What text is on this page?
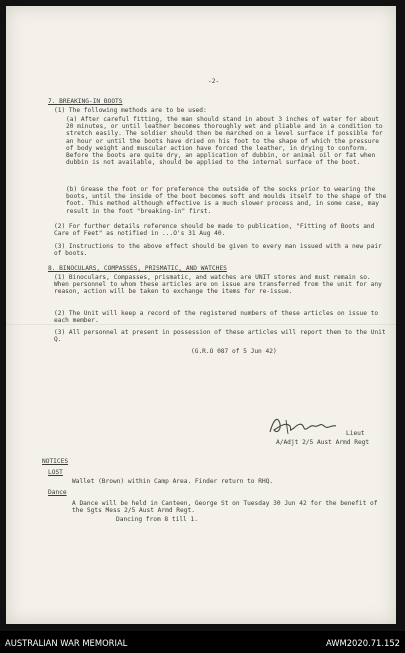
-2-
7. BREAKING-IN BOOTS
(1) The following methods are to be used:
(a) After careful fitting, the man should stand in about 3 inches of water for about 20 minutes, or until leather becomes thoroughly wet and pliable and in a condition to stretch easily. The soldier should then be marched on a level surface if possible for an hour or until the boots have dried on his foot to the shape of which the pressure of body weight and muscular action have forced the leather, in drying to conform. Before the boots are quite dry, an application of dubbin, or animal oil or fat when dubbin is not available, should be applied to the internal surface of the boot.
(b) Grease the foot or for preference the outside of the socks prior to wearing the boots, until the inside of the boot becomes soft and moulds itself to the shape of the foot. This method although effective is a much slower process and, in some case, may result in the foot "breaking-in" first.
(2) For further details reference should be made to publication, "Fitting of Boots and Care of Feet" as notified in ...O's 31 Aug 40.
(3) Instructions to the above effect should be given to every man issued with a new pair of boots.
8. BINOCULARS, COMPASSES, PRISMATIC, AND WATCHES
(1) Binoculars, Compasses, prismatic, and watches are UNIT stores and must remain so. When personnel to whom these articles are on issue are transferred from the unit for any reason, action will be taken to exchange the items for re-issue.
(2) The Unit will keep a record of the registered numbers of these articles on issue to each member.
(3) All personnel at present in possession of these articles will report them to the Unit Q.
(G.R.O 087 of 5 Jun 42)
Lieut
A/Adjt 2/5 Aust Armd Regt
NOTICES
LOST
Wallet (Brown) within Camp Area. Finder return to RHQ.
Dance
A Dance will be held in Canteen, George St on Tuesday 30 Jun 42 for the benefit of the Sgts Mess 2/5 Aust Armd Regt.
Dancing from 8 till 1.
AUSTRALIAN WAR MEMORIAL	AWM2020.71.152
